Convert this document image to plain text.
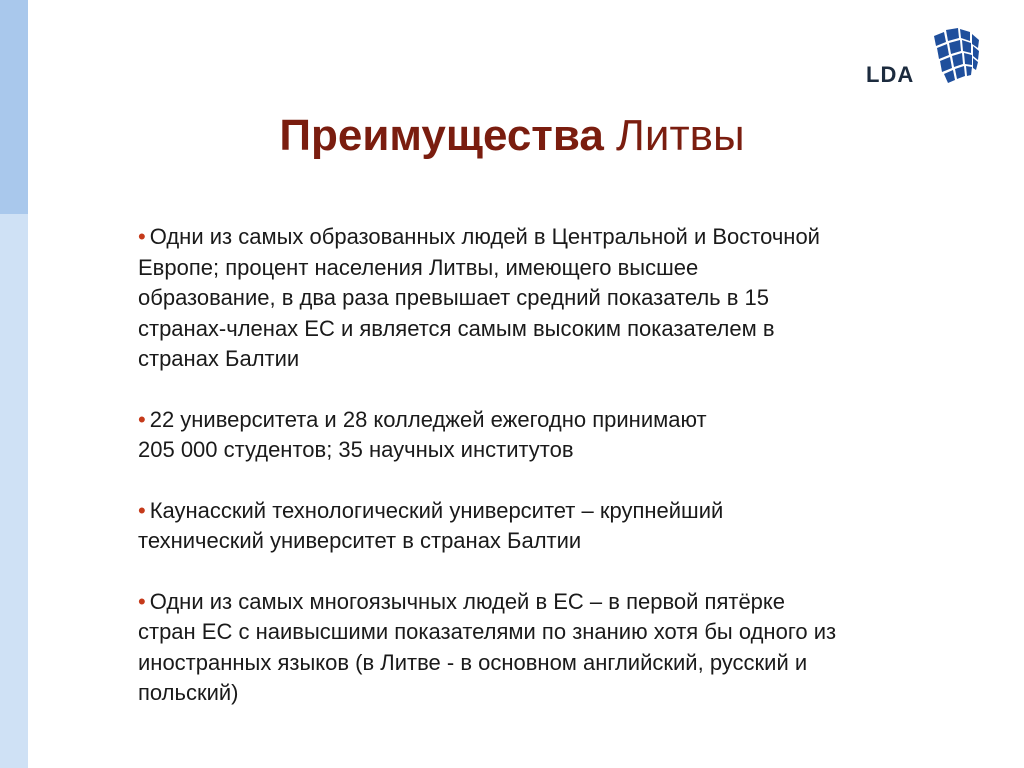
LDA
Преимущества Литвы
• Одни из самых образованных людей в Центральной и Восточной
Европе; процент населения Литвы, имеющего высшее
образование, в два раза превышает средний показатель в 15
странах-членах ЕС и является самым высоким показателем в
странах Балтии
• 22 университета и 28 колледжей ежегодно принимают
205 000 студентов; 35 научных институтов
• Каунасский технологический университет – крупнейший
технический университет в странах Балтии
• Одни из самых многоязычных людей в ЕС – в первой пятёрке
стран ЕС с наивысшими показателями по знанию хотя бы одного из
иностранных языков (в Литве - в основном английский, русский и
польский)
